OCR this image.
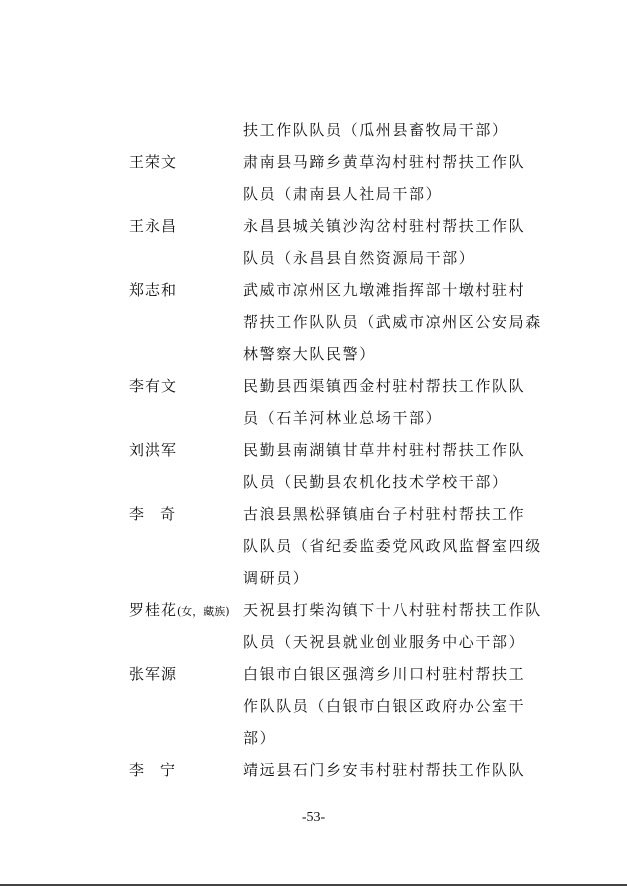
扶工作队队员（瓜州县畜牧局干部）
王荣文	肃南县马蹄乡黄草沟村驻村帮扶工作队
队员（肃南县人社局干部）
王永昌	永昌县城关镇沙沟岔村驻村帮扶工作队
队员（永昌县自然资源局干部）
郑志和	武威市凉州区九墩滩指挥部十墩村驻村
帮扶工作队队员（武威市凉州区公安局森
林警察大队民警）
李有文	民勤县西渠镇西金村驻村帮扶工作队队
员（石羊河林业总场干部）
刘洪军	民勤县南湖镇甘草井村驻村帮扶工作队
队员（民勤县农机化技术学校干部）
李 奇	古浪县黑松驿镇庙台子村驻村帮扶工作
队队员（省纪委监委党风政风监督室四级
调研员）
罗桂花(女，藏族) 天祝县打柴沟镇下十八村驻村帮扶工作队
队员（天祝县就业创业服务中心干部）
张军源	白银市白银区强湾乡川口村驻村帮扶工
作队队员（白银市白银区政府办公室干
部）
李 宁	靖远县石门乡安韦村驻村帮扶工作队队
-53-
